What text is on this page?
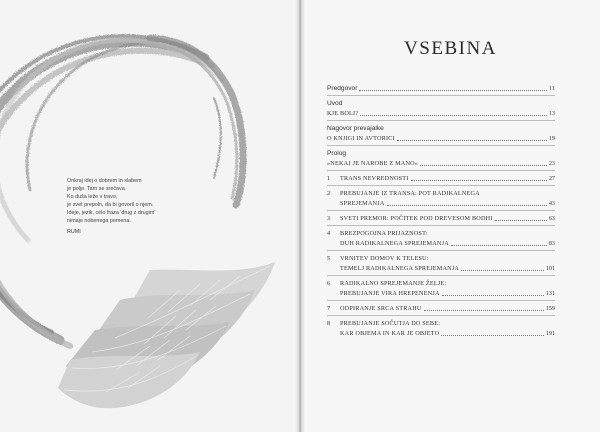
Onkraj idej o dobrem in slabem
je polje. Tam se srečava.
Ko duša leže v travo,
je svet prepoln, da bi govoril o njem.
Ideje, jezik, celo fraza 'drug z drugim'
nimajo nobenega pomena.
RUMI
VSEBINA
Predgovor	11
Uvod
KJE BOLI?	13
Nagovor prevajalke
O KNJIGI IN AVTORICI	19
Prolog
»NEKAJ JE NAROBE Z MANO«	23
1	TRANS NEVREDNOSTI	27
2	PREBUJANJE IZ TRANSA: POT RADIKALNEGA
SPREJEMANJA	43
3	SVETI PREMOR: POČITEK POD DREVESOM BODHI	63
4	BREZPOGOJNA PRIJAZNOST:
DUH RADIKALNEGA SPREJEMANJA	83
5	VRNITEV DOMOV K TELESU:
TEMELJ RADIKALNEGA SPREJEMANJA	101
6	RADIKALNO SPREJEMANJE ŽELJE:
PREBUJANJE VIRA HREPENENJA	131
7	ODPIRANJE SRCA STRAHU	159
8	PREBUJANJE SOČUTJA DO SEBE:
KAR OBJEMA IN KAR JE OBJETO	191
